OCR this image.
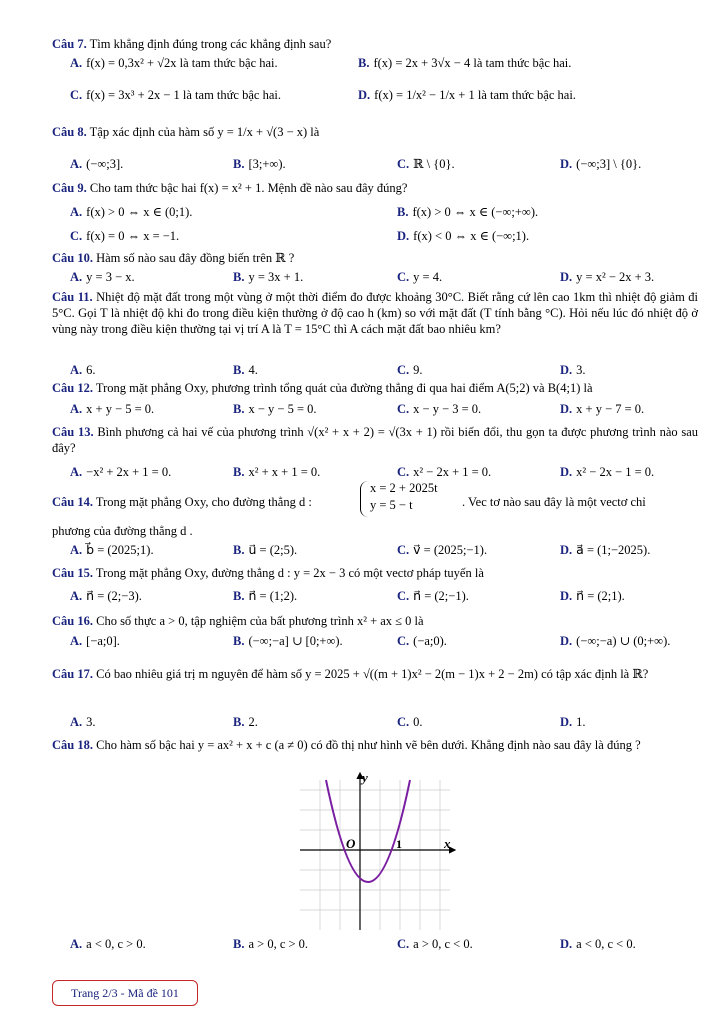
Câu 7. Tìm khẳng định đúng trong các khẳng định sau?
A. f(x) = 0,3x² + √2x là tam thức bậc hai.	B. f(x) = 2x + 3√x − 4 là tam thức bậc hai.
C. f(x) = 3x³ + 2x − 1 là tam thức bậc hai.	D. f(x) = 1/x² − 1/x + 1 là tam thức bậc hai.
Câu 8. Tập xác định của hàm số y = 1/x + √(3 − x) là
A. (−∞;3].	B. [3;+∞).	C. ℝ \ {0}.	D. (−∞;3] \ {0}.
Câu 9. Cho tam thức bậc hai f(x) = x² + 1. Mệnh đề nào sau đây đúng?
A. f(x) > 0 ⇔ x ∈ (0;1).	B. f(x) > 0 ⇔ x ∈ (−∞;+∞).
C. f(x) = 0 ⇔ x = −1.	D. f(x) < 0 ⇔ x ∈ (−∞;1).
Câu 10. Hàm số nào sau đây đồng biến trên ℝ ?
A. y = 3 − x.	B. y = 3x + 1.	C. y = 4.	D. y = x² − 2x + 3.
Câu 11. Nhiệt độ mặt đất trong một vùng ở một thời điểm đo được khoảng 30°C. Biết rằng cứ lên cao 1km thì nhiệt độ giảm đi 5°C. Gọi T là nhiệt độ khi đo trong điều kiện thường ở độ cao h (km) so với mặt đất (T tính bằng °C). Hỏi nếu lúc đó nhiệt độ ở vùng này trong điều kiện thường tại vị trí A là T = 15°C thì A cách mặt đất bao nhiêu km?
A. 6.	B. 4.	C. 9.	D. 3.
Câu 12. Trong mặt phẳng Oxy, phương trình tổng quát của đường thẳng đi qua hai điểm A(5;2) và B(4;1) là
A. x + y − 5 = 0.	B. x − y − 5 = 0.	C. x − y − 3 = 0.	D. x + y − 7 = 0.
Câu 13. Bình phương cả hai vế của phương trình √(x² + x + 2) = √(3x + 1) rồi biến đổi, thu gọn ta được phương trình nào sau đây?
A. −x² + 2x + 1 = 0.	B. x² + x + 1 = 0.	C. x² − 2x + 1 = 0.	D. x² − 2x − 1 = 0.
Câu 14. Trong mặt phẳng Oxy, cho đường thẳng d :
x = 2 + 2025t
y = 5 − t	. Vec tơ nào sau đây là một vectơ chỉ
phương của đường thẳng d .
A. b⃗ = (2025;1).	B. u⃗ = (2;5).	C. v⃗ = (2025;−1).	D. a⃗ = (1;−2025).
Câu 15. Trong mặt phẳng Oxy, đường thẳng d : y = 2x − 3 có một vectơ pháp tuyến là
A. n⃗ = (2;−3).	B. n⃗ = (1;2).	C. n⃗ = (2;−1).	D. n⃗ = (2;1).
Câu 16. Cho số thực a > 0, tập nghiệm của bất phương trình x² + ax ≤ 0 là
A. [−a;0].	B. (−∞;−a] ∪ [0;+∞).	C. (−a;0).	D. (−∞;−a) ∪ (0;+∞).
Câu 17. Có bao nhiêu giá trị m nguyên để hàm số y = 2025 + √((m + 1)x² − 2(m − 1)x + 2 − 2m) có tập xác định là ℝ?
A. 3.	B. 2.	C. 0.	D. 1.
Câu 18. Cho hàm số bậc hai y = ax² + x + c (a ≠ 0) có đồ thị như hình vẽ bên dưới. Khẳng định nào sau đây là đúng ?
y
x
O	1
A. a < 0, c > 0.	B. a > 0, c > 0.	C. a > 0, c < 0.	D. a < 0, c < 0.
Trang 2/3 - Mã đề 101
